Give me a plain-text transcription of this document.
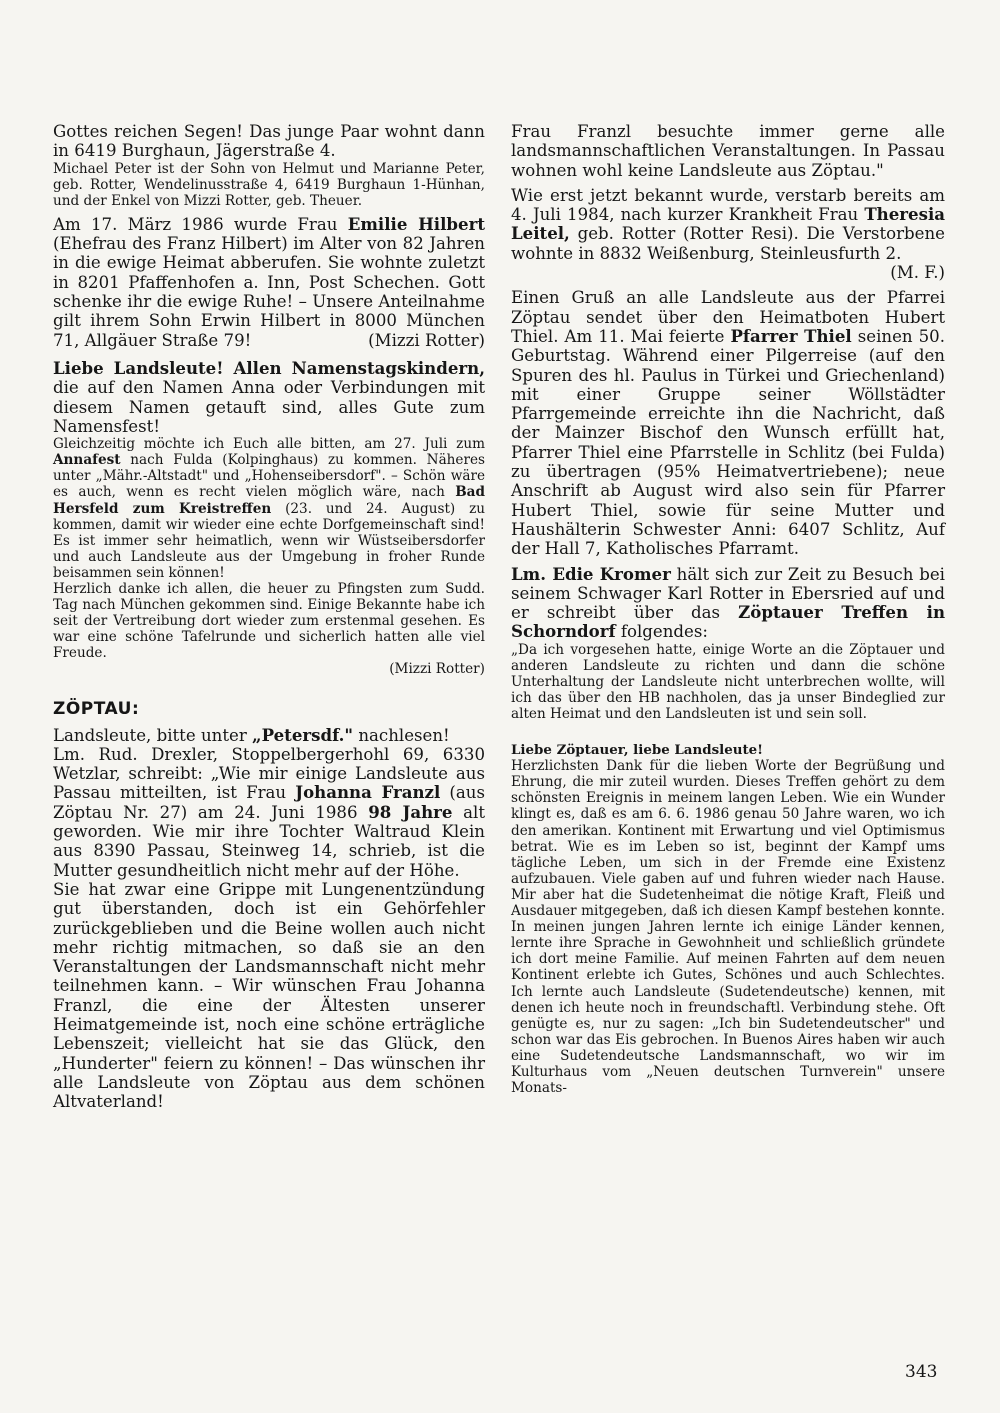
Gottes reichen Segen! Das junge Paar wohnt dann in 6419 Burghaun, Jägerstraße 4.

Michael Peter ist der Sohn von Helmut und Marianne Peter, geb. Rotter, Wendelinusstraße 4, 6419 Burghaun 1-Hünhan, und der Enkel von Mizzi Rotter, geb. Theuer.

Am 17. März 1986 wurde Frau Emilie Hilbert (Ehefrau des Franz Hilbert) im Alter von 82 Jahren in die ewige Heimat abberufen. Sie wohnte zuletzt in 8201 Pfaffenhofen a. Inn, Post Schechen. Gott schenke ihr die ewige Ruhe! – Unsere Anteilnahme gilt ihrem Sohn Erwin Hilbert in 8000 München 71, Allgäuer Straße 79!	(Mizzi Rotter)

Liebe Landsleute! Allen Namenstagskindern, die auf den Namen Anna oder Verbindungen mit diesem Namen getauft sind, alles Gute zum Namensfest!

Gleichzeitig möchte ich Euch alle bitten, am 27. Juli zum Annafest nach Fulda (Kolpinghaus) zu kommen. Näheres unter „Mähr.-Altstadt" und „Hohenseibersdorf". – Schön wäre es auch, wenn es recht vielen möglich wäre, nach Bad Hersfeld zum Kreistreffen (23. und 24. August) zu kommen, damit wir wieder eine echte Dorfgemeinschaft sind! Es ist immer sehr heimatlich, wenn wir Wüstseibersdorfer und auch Landsleute aus der Umgebung in froher Runde beisammen sein können!

Herzlich danke ich allen, die heuer zu Pfingsten zum Sudd. Tag nach München gekommen sind. Einige Bekannte habe ich seit der Vertreibung dort wieder zum erstenmal gesehen. Es war eine schöne Tafelrunde und sicherlich hatten alle viel Freude.
(Mizzi Rotter)

ZÖPTAU:

Landsleute, bitte unter „Petersdf." nachlesen!

Lm. Rud. Drexler, Stoppelbergerhohl 69, 6330 Wetzlar, schreibt: „Wie mir einige Landsleute aus Passau mitteilten, ist Frau Johanna Franzl (aus Zöptau Nr. 27) am 24. Juni 1986 98 Jahre alt geworden. Wie mir ihre Tochter Waltraud Klein aus 8390 Passau, Steinweg 14, schrieb, ist die Mutter gesundheitlich nicht mehr auf der Höhe.

Sie hat zwar eine Grippe mit Lungenentzündung gut überstanden, doch ist ein Gehörfehler zurückgeblieben und die Beine wollen auch nicht mehr richtig mitmachen, so daß sie an den Veranstaltungen der Landsmannschaft nicht mehr teilnehmen kann. – Wir wünschen Frau Johanna Franzl, die eine der Ältesten unserer Heimatgemeinde ist, noch eine schöne erträgliche Lebenszeit; vielleicht hat sie das Glück, den „Hunderter" feiern zu können! – Das wünschen ihr alle Landsleute von Zöptau aus dem schönen Altvaterland!

Frau Franzl besuchte immer gerne alle landsmannschaftlichen Veranstaltungen. In Passau wohnen wohl keine Landsleute aus Zöptau."

Wie erst jetzt bekannt wurde, verstarb bereits am 4. Juli 1984, nach kurzer Krankheit Frau Theresia Leitel, geb. Rotter (Rotter Resi). Die Verstorbene wohnte in 8832 Weißenburg, Steinleusfurth 2.
(M. F.)

Einen Gruß an alle Landsleute aus der Pfarrei Zöptau sendet über den Heimatboten Hubert Thiel. Am 11. Mai feierte Pfarrer Thiel seinen 50. Geburtstag. Während einer Pilgerreise (auf den Spuren des hl. Paulus in Türkei und Griechenland) mit einer Gruppe seiner Wöllstädter Pfarrgemeinde erreichte ihn die Nachricht, daß der Mainzer Bischof den Wunsch erfüllt hat, Pfarrer Thiel eine Pfarrstelle in Schlitz (bei Fulda) zu übertragen (95% Heimatvertriebene); neue Anschrift ab August wird also sein für Pfarrer Hubert Thiel, sowie für seine Mutter und Haushälterin Schwester Anni: 6407 Schlitz, Auf der Hall 7, Katholisches Pfarramt.

Lm. Edie Kromer hält sich zur Zeit zu Besuch bei seinem Schwager Karl Rotter in Ebersried auf und er schreibt über das Zöptauer Treffen in Schorndorf folgendes:

„Da ich vorgesehen hatte, einige Worte an die Zöptauer und anderen Landsleute zu richten und dann die schöne Unterhaltung der Landsleute nicht unterbrechen wollte, will ich das über den HB nachholen, das ja unser Bindeglied zur alten Heimat und den Landsleuten ist und sein soll.

Liebe Zöptauer, liebe Landsleute!

Herzlichsten Dank für die lieben Worte der Begrüßung und Ehrung, die mir zuteil wurden. Dieses Treffen gehört zu dem schönsten Ereignis in meinem langen Leben. Wie ein Wunder klingt es, daß es am 6. 6. 1986 genau 50 Jahre waren, wo ich den amerikan. Kontinent mit Erwartung und viel Optimismus betrat. Wie es im Leben so ist, beginnt der Kampf ums tägliche Leben, um sich in der Fremde eine Existenz aufzubauen. Viele gaben auf und fuhren wieder nach Hause. Mir aber hat die Sudetenheimat die nötige Kraft, Fleiß und Ausdauer mitgegeben, daß ich diesen Kampf bestehen konnte. In meinen jungen Jahren lernte ich einige Länder kennen, lernte ihre Sprache in Gewohnheit und schließlich gründete ich dort meine Familie. Auf meinen Fahrten auf dem neuen Kontinent erlebte ich Gutes, Schönes und auch Schlechtes. Ich lernte auch Landsleute (Sudetendeutsche) kennen, mit denen ich heute noch in freundschaftl. Verbindung stehe. Oft genügte es, nur zu sagen: „Ich bin Sudetendeutscher" und schon war das Eis gebrochen. In Buenos Aires haben wir auch eine Sudetendeutsche Landsmannschaft, wo wir im Kulturhaus vom „Neuen deutschen Turnverein" unsere Monats-

343
